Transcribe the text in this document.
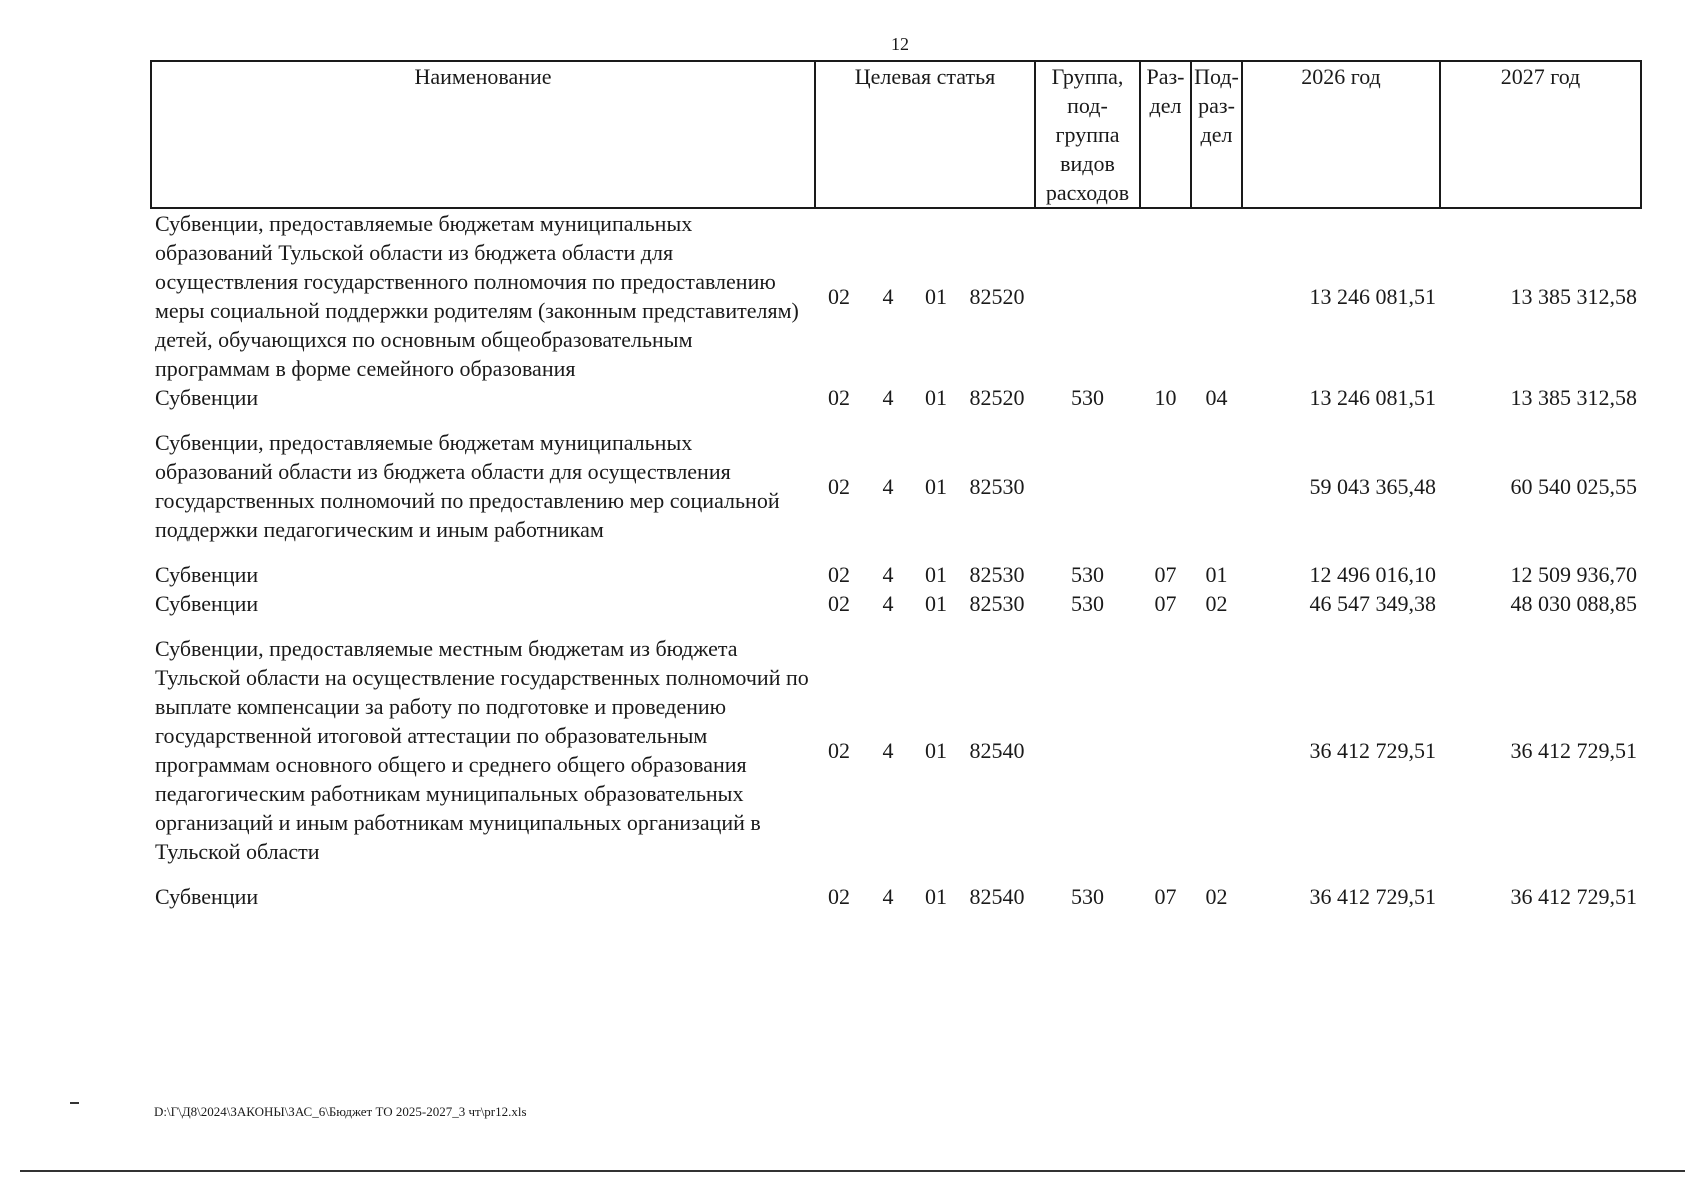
12
Наименование	Целевая статья				Группа, под-группа видов расходов	Раз-дел	Под-раз-дел	2026 год	2027 год
Субвенции, предоставляемые бюджетам муниципальных образований Тульской области из бюджета области для осуществления государственного полномочия по предоставлению меры социальной поддержки родителям (законным представителям) детей, обучающихся по основным общеобразовательным программам в форме семейного образования	02	4	01	82520				13 246 081,51	13 385 312,58
Субвенции	02	4	01	82520	530	10	04	13 246 081,51	13 385 312,58
Субвенции, предоставляемые бюджетам муниципальных образований области из бюджета области для осуществления государственных полномочий по предоставлению мер социальной поддержки педагогическим и иным работникам	02	4	01	82530				59 043 365,48	60 540 025,55
Субвенции	02	4	01	82530	530	07	01	12 496 016,10	12 509 936,70
Субвенции	02	4	01	82530	530	07	02	46 547 349,38	48 030 088,85
Субвенции, предоставляемые местным бюджетам из бюджета Тульской области на осуществление государственных полномочий по выплате компенсации за работу по подготовке и проведению государственной итоговой аттестации по образовательным программам основного общего и среднего общего образования педагогическим работникам муниципальных образовательных организаций и иным работникам муниципальных организаций в Тульской области	02	4	01	82540				36 412 729,51	36 412 729,51
Субвенции	02	4	01	82540	530	07	02	36 412 729,51	36 412 729,51
D:\Г\Д8\2024\ЗАКОНЫ\ЗАС_6\Бюджет ТО 2025-2027_3 чт\pr12.xls
